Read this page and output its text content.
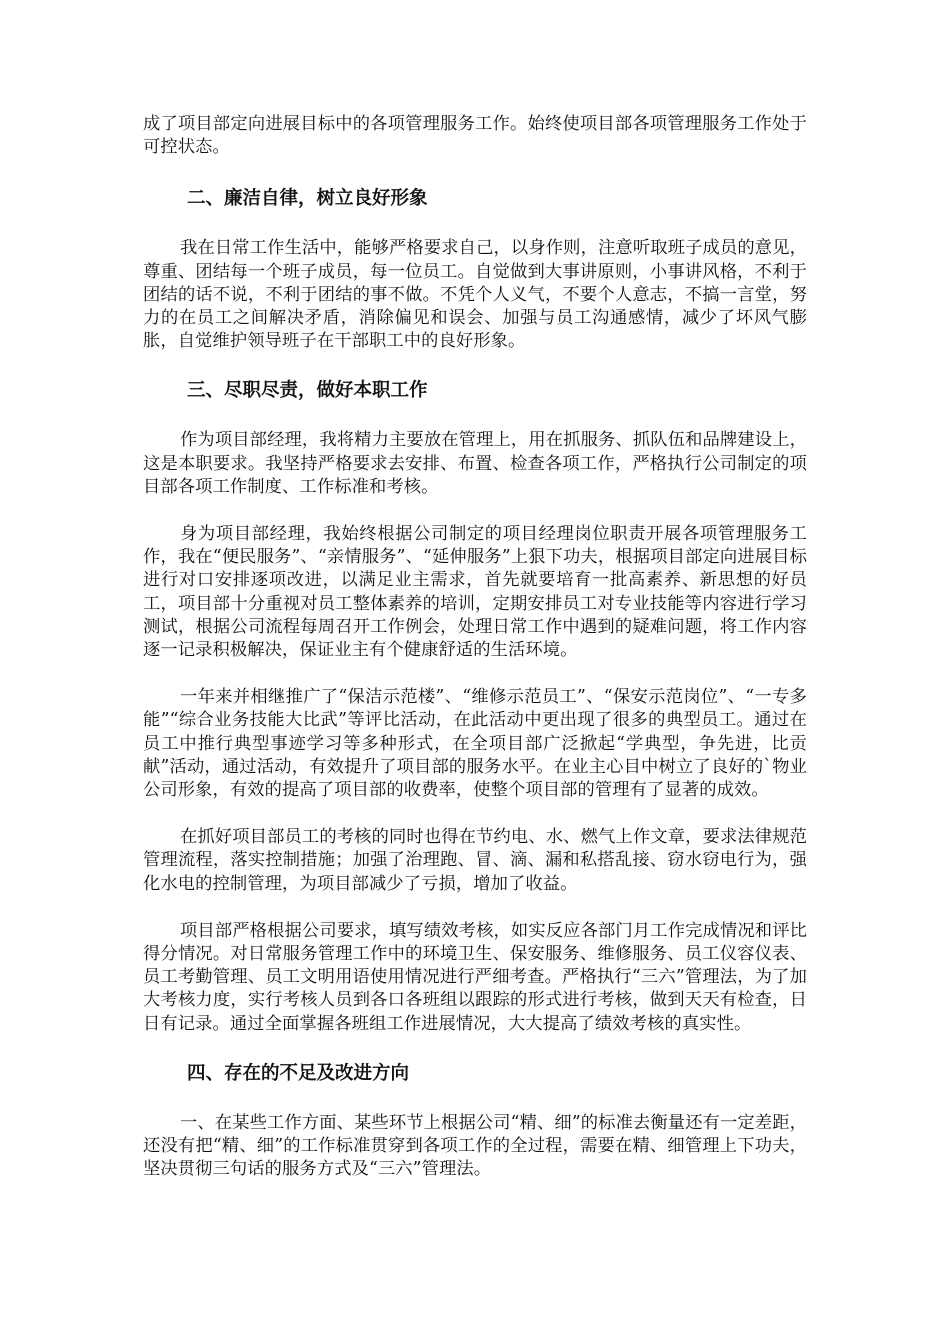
成了项目部定向进展目标中的各项管理服务工作。始终使项目部各项管理服务工作处于可控状态。

二、廉洁自律，树立良好形象

我在日常工作生活中，能够严格要求自己，以身作则，注意听取班子成员的意见，尊重、团结每一个班子成员，每一位员工。自觉做到大事讲原则，小事讲风格，不利于团结的话不说，不利于团结的事不做。不凭个人义气，不要个人意志，不搞一言堂，努力的在员工之间解决矛盾，消除偏见和误会、加强与员工沟通感情，减少了坏风气膨胀，自觉维护领导班子在干部职工中的良好形象。

三、尽职尽责，做好本职工作

作为项目部经理，我将精力主要放在管理上，用在抓服务、抓队伍和品牌建设上，这是本职要求。我坚持严格要求去安排、布置、检查各项工作，严格执行公司制定的项目部各项工作制度、工作标准和考核。

身为项目部经理，我始终根据公司制定的项目经理岗位职责开展各项管理服务工作，我在“便民服务”、“亲情服务”、“延伸服务”上狠下功夫，根据项目部定向进展目标进行对口安排逐项改进，以满足业主需求，首先就要培育一批高素养、新思想的好员工，项目部十分重视对员工整体素养的培训，定期安排员工对专业技能等内容进行学习测试，根据公司流程每周召开工作例会，处理日常工作中遇到的疑难问题，将工作内容逐一记录积极解决，保证业主有个健康舒适的生活环境。

一年来并相继推广了“保洁示范楼”、“维修示范员工”、“保安示范岗位”、“一专多能”“综合业务技能大比武”等评比活动，在此活动中更出现了很多的典型员工。通过在员工中推行典型事迹学习等多种形式，在全项目部广泛掀起“学典型，争先进，比贡献”活动，通过活动，有效提升了项目部的服务水平。在业主心目中树立了良好的`物业公司形象，有效的提高了项目部的收费率，使整个项目部的管理有了显著的成效。

在抓好项目部员工的考核的同时也得在节约电、水、燃气上作文章，要求法律规范管理流程，落实控制措施；加强了治理跑、冒、滴、漏和私搭乱接、窃水窃电行为，强化水电的控制管理，为项目部减少了亏损，增加了收益。

项目部严格根据公司要求，填写绩效考核，如实反应各部门月工作完成情况和评比得分情况。对日常服务管理工作中的环境卫生、保安服务、维修服务、员工仪容仪表、员工考勤管理、员工文明用语使用情况进行严细考查。严格执行“三六”管理法，为了加大考核力度，实行考核人员到各口各班组以跟踪的形式进行考核，做到天天有检查，日日有记录。通过全面掌握各班组工作进展情况，大大提高了绩效考核的真实性。

四、存在的不足及改进方向

一、在某些工作方面、某些环节上根据公司“精、细”的标准去衡量还有一定差距，还没有把“精、细”的工作标准贯穿到各项工作的全过程，需要在精、细管理上下功夫，坚决贯彻三句话的服务方式及“三六”管理法。
